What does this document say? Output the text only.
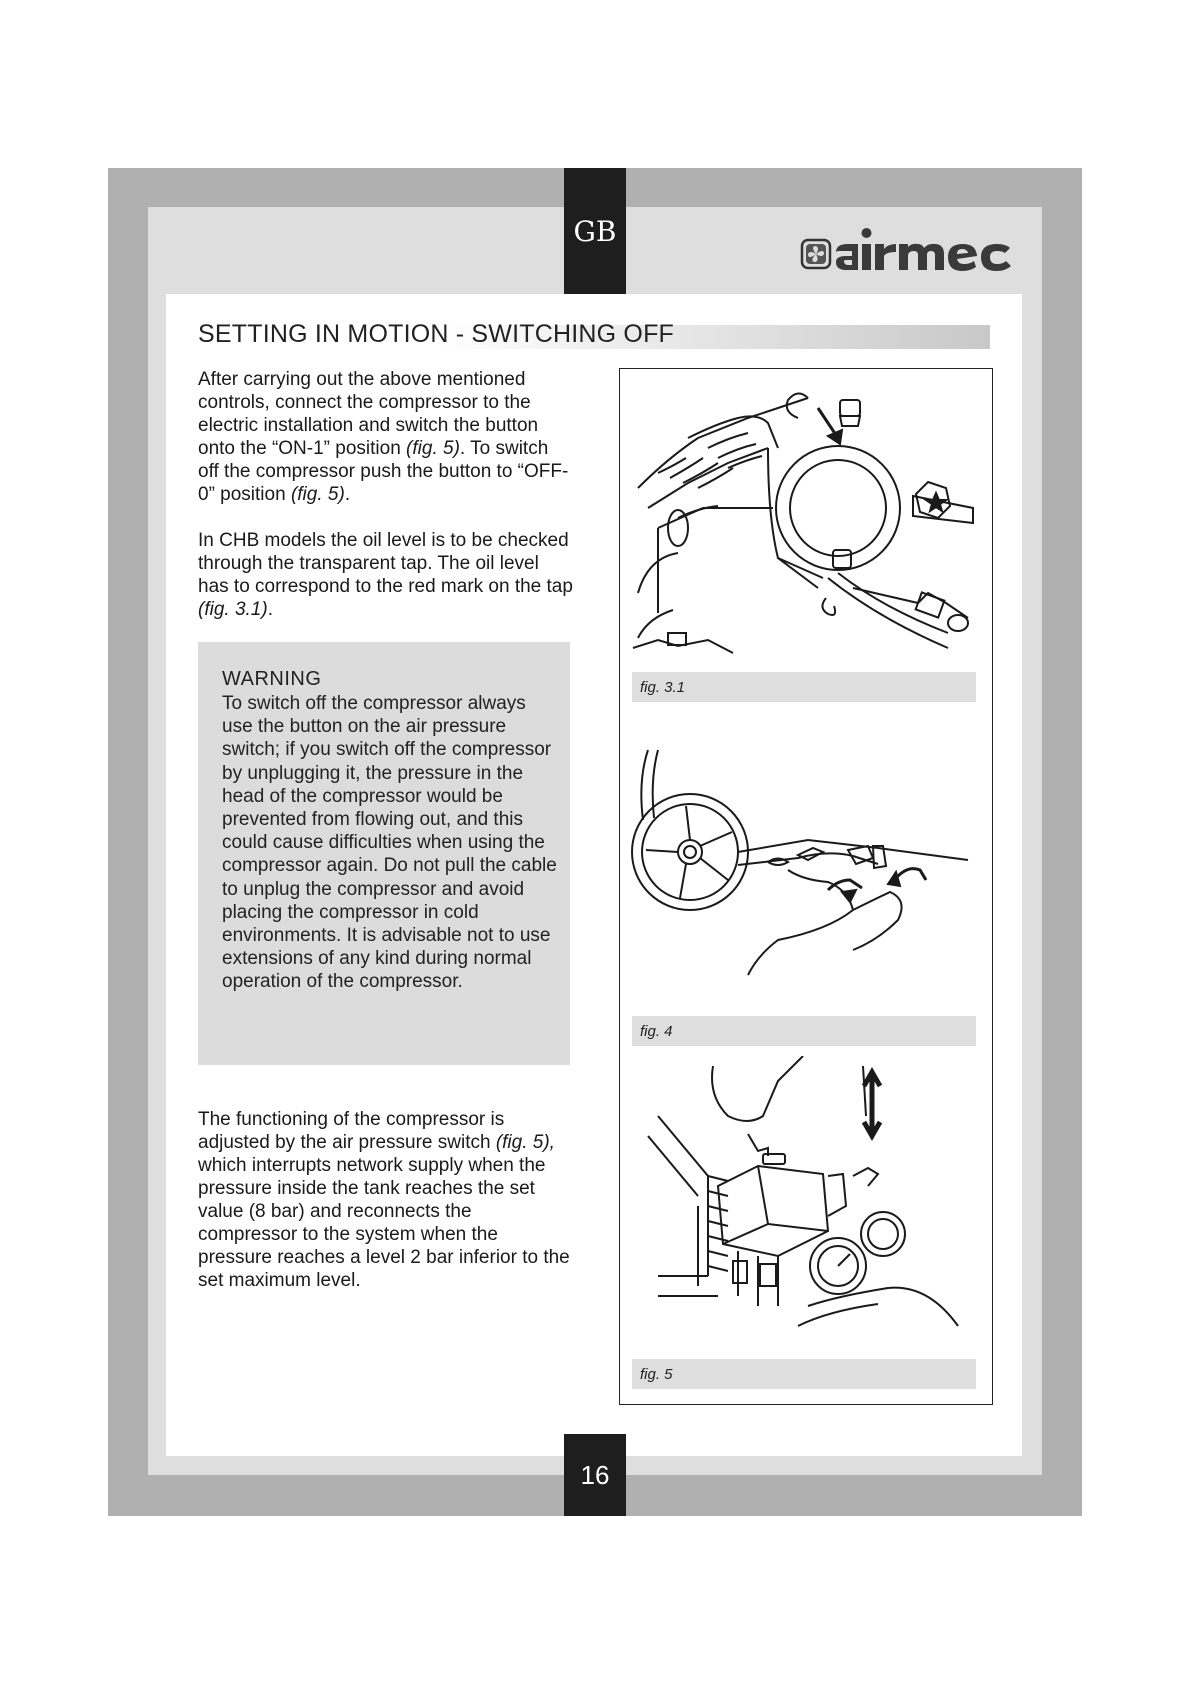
GB
SETTING IN MOTION - SWITCHING OFF
After carrying out the above mentioned controls, connect the compressor to the electric installation and switch the button onto the “ON-1” position (fig. 5). To switch off the compressor push the button to “OFF-0” position (fig. 5).
In CHB models the oil level is to be checked through the transparent tap. The oil level has to correspond to the red mark on the tap (fig. 3.1).
WARNING
To switch off the compressor always use the button on the air pressure switch; if you switch off the compressor by unplugging it, the pressure in the head of the compressor would be prevented from flowing out, and this could cause difficulties when using the compressor again. Do not pull the cable to unplug the compressor and avoid placing the compressor in cold environments. It is advisable not to use extensions of any kind during normal operation of the compressor.
The functioning of the compressor is adjusted by the air pressure switch (fig. 5), which interrupts network supply when the pressure inside the tank reaches the set value (8 bar) and reconnects the compressor to the system when the pressure reaches a level 2 bar inferior to the set maximum level.
fig. 3.1
fig. 4
fig. 5
16
